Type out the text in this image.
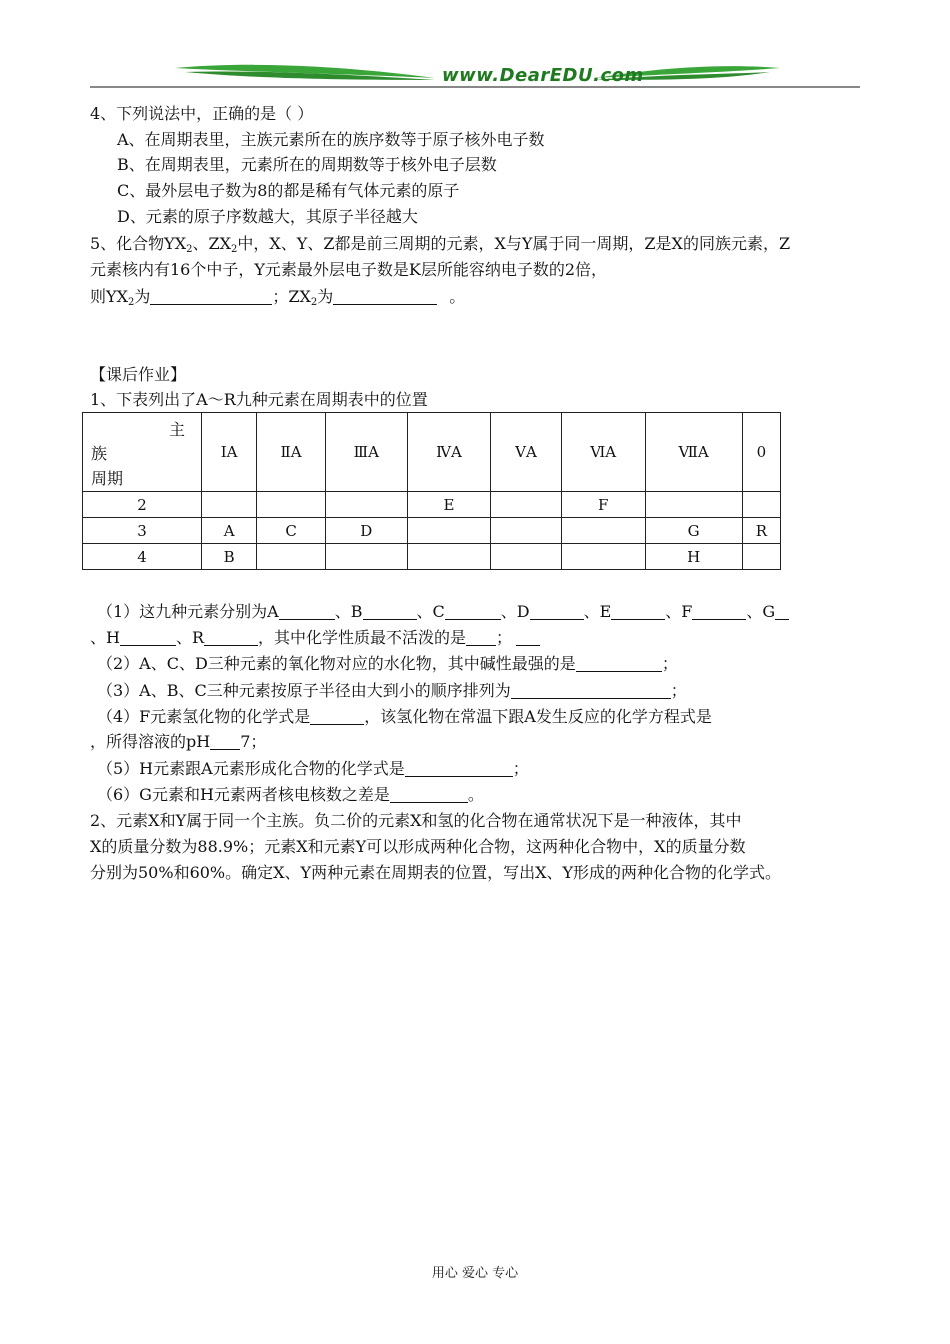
www.DearEDU.com
4、下列说法中，正确的是（ ）
A、在周期表里，主族元素所在的族序数等于原子核外电子数
B、在周期表里，元素所在的周期数等于核外电子层数
C、最外层电子数为8的都是稀有气体元素的原子
D、元素的原子序数越大，其原子半径越大
5、化合物$YX_2$、$ZX_2$中，X、Y、Z都是前三周期的元素，X与Y属于同一周期，Z是X的同族元素，Z
元素核内有16个中子，Y元素最外层电子数是K层所能容纳电子数的2倍，
则$YX_2$为	；$ZX_2$为	。
【课后作业】
1、下表列出了A～R九种元素在周期表中的位置
主
族
周期	ⅠA	ⅡA	ⅢA	ⅣA	ⅤA	ⅥA	ⅦA	0
2				E		F		
3	A	C	D				G	R
4	B						H	
（1）这九种元素分别为A	、B	、C	、D	、E	、F	、G
、H	、R	，其中化学性质最不活泼的是 ；
（2）A、C、D三种元素的氧化物对应的水化物，其中碱性最强的是	；
（3）A、B、C三种元素按原子半径由大到小的顺序排列为	；
（4）F元素氢化物的化学式是	，该氢化物在常温下跟A发生反应的化学方程式是
，所得溶液的pH 7；
（5）H元素跟A元素形成化合物的化学式是	；
（6）G元素和H元素两者核电核数之差是	。
2、元素X和Y属于同一个主族。负二价的元素X和氢的化合物在通常状况下是一种液体，其中
X的质量分数为88.9%；元素X和元素Y可以形成两种化合物，这两种化合物中，X的质量分数
分别为50%和60%。确定X、Y两种元素在周期表的位置，写出X、Y形成的两种化合物的化学式。
用心 爱心 专心
